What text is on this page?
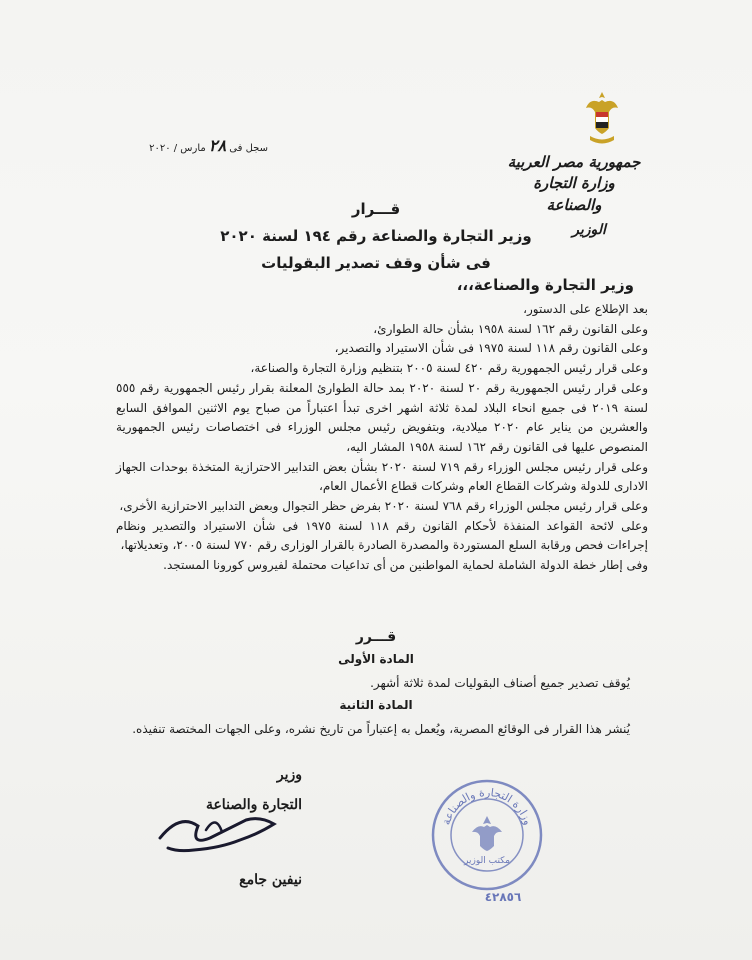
جمهورية مصر العربية
وزارة التجارة والصناعة
الوزير
سجل فى ٢٨ مارس / ٢٠٢٠
قـــرار
وزير التجارة والصناعة رقم ١٩٤ لسنة ٢٠٢٠
فى شأن وقف تصدير البقوليات
وزير التجارة والصناعة،،،

بعد الإطلاع على الدستور،

وعلى القانون رقم ١٦٢ لسنة ١٩٥٨ بشأن حالة الطوارئ،

وعلى القانون رقم ١١٨ لسنة ١٩٧٥ فى شأن الاستيراد والتصدير،

وعلى قرار رئيس الجمهورية رقم ٤٢٠ لسنة ٢٠٠٥ بتنظيم وزارة التجارة والصناعة،

وعلى قرار رئيس الجمهورية رقم ٢٠ لسنة ٢٠٢٠ بمد حالة الطوارئ المعلنة بقرار رئيس الجمهورية رقم ٥٥٥ لسنة ٢٠١٩ فى جميع انحاء البلاد لمدة ثلاثة اشهر اخرى تبدأ اعتباراً من صباح يوم الاثنين الموافق السابع والعشرين من يناير عام ٢٠٢٠ ميلادية، وبتفويض رئيس مجلس الوزراء فى اختصاصات رئيس الجمهورية المنصوص عليها فى القانون رقم ١٦٢ لسنة ١٩٥٨ المشار اليه،

وعلى قرار رئيس مجلس الوزراء رقم ٧١٩ لسنة ٢٠٢٠ بشأن بعض التدابير الاحترازية المتخذة بوحدات الجهاز الادارى للدولة وشركات القطاع العام وشركات قطاع الأعمال العام،

وعلى قرار رئيس مجلس الوزراء رقم ٧٦٨ لسنة ٢٠٢٠ بفرض حظر التجوال وبعض التدابير الاحترازية الأخرى،

وعلى لائحة القواعد المنفذة لأحكام القانون رقم ١١٨ لسنة ١٩٧٥ فى شأن الاستيراد والتصدير ونظام إجراءات فحص ورقابة السلع المستوردة والمصدرة الصادرة بالقرار الوزارى رقم ٧٧٠ لسنة ٢٠٠٥، وتعديلاتها،

وفى إطار خطة الدولة الشاملة لحماية المواطنين من أى تداعيات محتملة لفيروس كورونا المستجد.

قـــرر
المادة الأولى
يُوقف تصدير جميع أصناف البقوليات لمدة ثلاثة أشهر.
المادة الثانية
يُنشر هذا القرار فى الوقائع المصرية، ويُعمل به إعتباراً من تاريخ نشره، وعلى الجهات المختصة تنفيذه.
وزير
التجارة والصناعة
نيفين جامع
وزارة التجارة والصناعة
مكتب الوزير
٤٢٨٥٦
